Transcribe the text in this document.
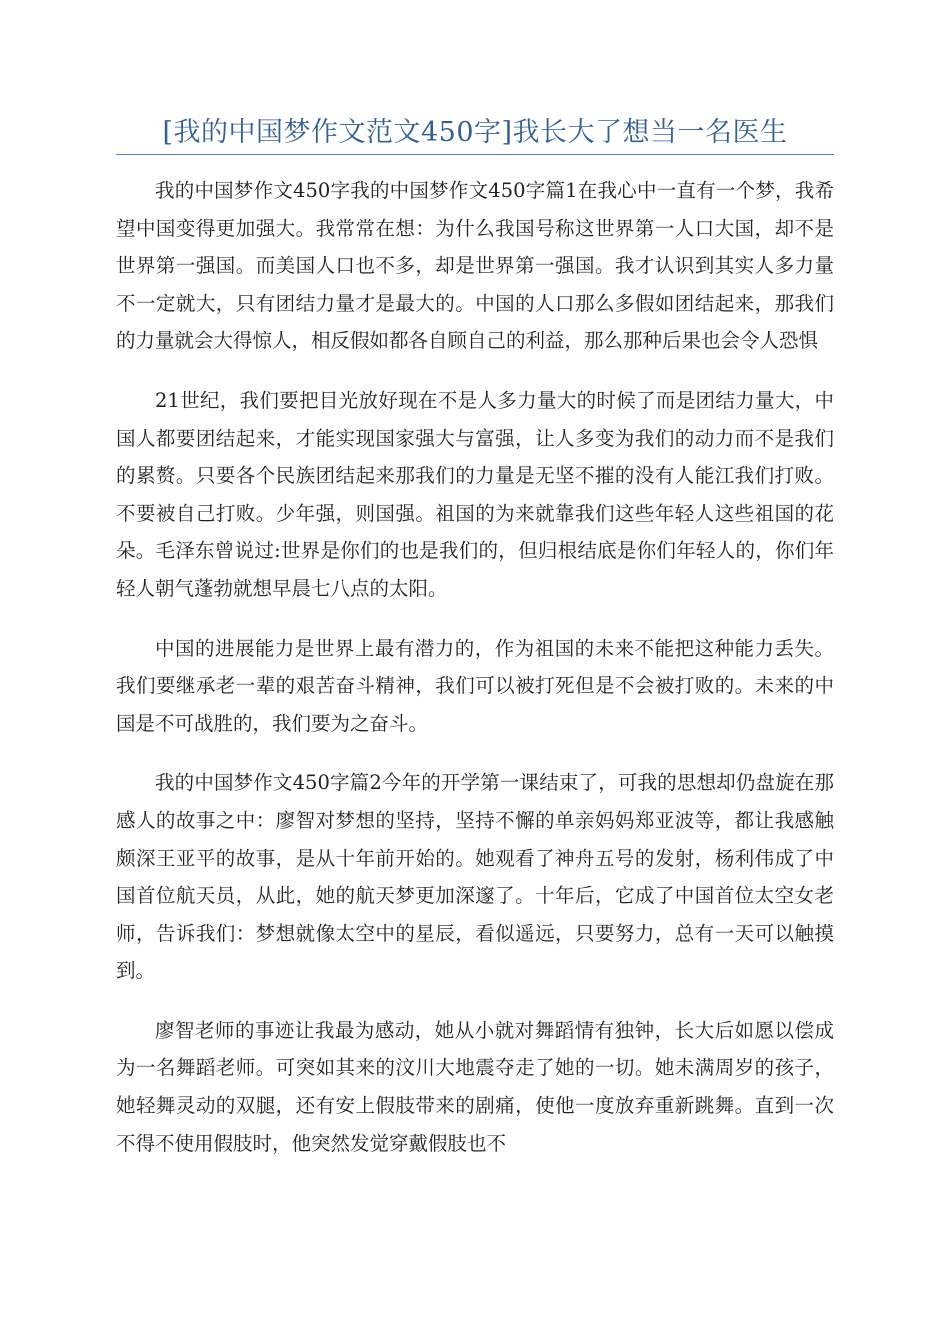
[我的中国梦作文范文450字]我长大了想当一名医生

我的中国梦作文450字我的中国梦作文450字篇1在我心中一直有一个梦，我希望中国变得更加强大。我常常在想：为什么我国号称这世界第一人口大国，却不是世界第一强国。而美国人口也不多，却是世界第一强国。我才认识到其实人多力量不一定就大，只有团结力量才是最大的。中国的人口那么多假如团结起来，那我们的力量就会大得惊人，相反假如都各自顾自己的利益，那么那种后果也会令人恐惧

21世纪，我们要把目光放好现在不是人多力量大的时候了而是团结力量大，中国人都要团结起来，才能实现国家强大与富强，让人多变为我们的动力而不是我们的累赘。只要各个民族团结起来那我们的力量是无坚不摧的没有人能江我们打败。不要被自己打败。少年强，则国强。祖国的为来就靠我们这些年轻人这些祖国的花朵。毛泽东曾说过:世界是你们的也是我们的，但归根结底是你们年轻人的，你们年轻人朝气蓬勃就想早晨七八点的太阳。

中国的进展能力是世界上最有潜力的，作为祖国的未来不能把这种能力丢失。我们要继承老一辈的艰苦奋斗精神，我们可以被打死但是不会被打败的。未来的中国是不可战胜的，我们要为之奋斗。

我的中国梦作文450字篇2今年的开学第一课结束了，可我的思想却仍盘旋在那感人的故事之中：廖智对梦想的坚持，坚持不懈的单亲妈妈郑亚波等，都让我感触颇深王亚平的故事，是从十年前开始的。她观看了神舟五号的发射，杨利伟成了中国首位航天员，从此，她的航天梦更加深邃了。十年后，它成了中国首位太空女老师，告诉我们：梦想就像太空中的星辰，看似遥远，只要努力，总有一天可以触摸到。

廖智老师的事迹让我最为感动，她从小就对舞蹈情有独钟，长大后如愿以偿成为一名舞蹈老师。可突如其来的汶川大地震夺走了她的一切。她未满周岁的孩子，她轻舞灵动的双腿，还有安上假肢带来的剧痛，使他一度放弃重新跳舞。直到一次不得不使用假肢时，他突然发觉穿戴假肢也不
